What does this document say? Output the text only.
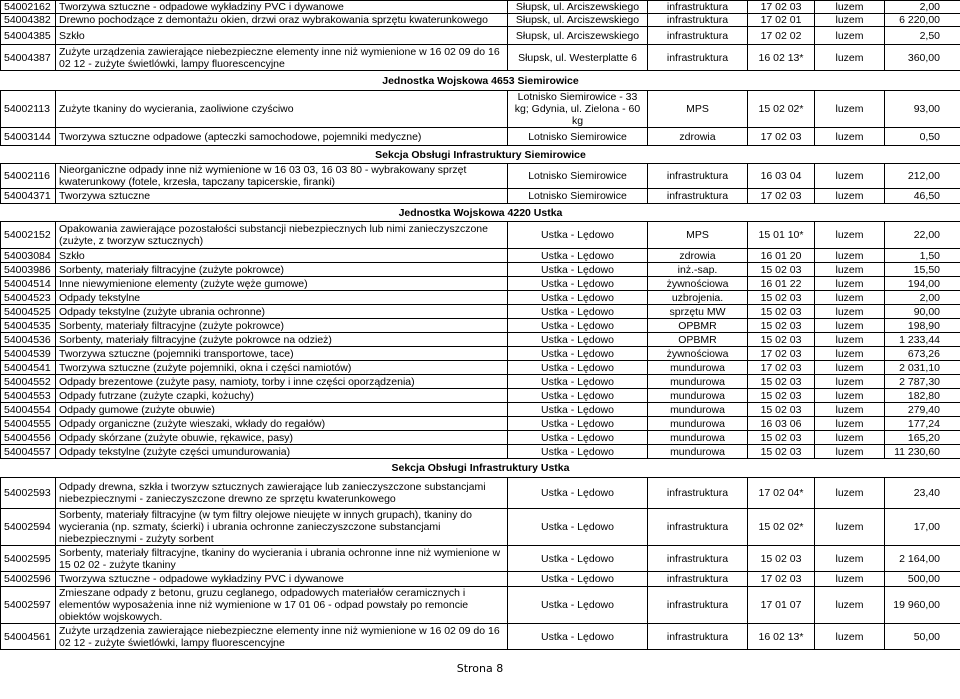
54002162	Tworzywa sztuczne - odpadowe wykładziny PVC i dywanowe	Słupsk, ul. Arciszewskiego	infrastruktura	17 02 03	luzem	2,00
54004382	Drewno pochodzące z demontażu okien, drzwi oraz wybrakowania sprzętu kwaterunkowego	Słupsk, ul. Arciszewskiego	infrastruktura	17 02 01	luzem	6 220,00
54004385	Szkło	Słupsk, ul. Arciszewskiego	infrastruktura	17 02 02	luzem	2,50
54004387	Zużyte urządzenia zawierające niebezpieczne elementy inne niż wymienione w 16 02 09 do 16 02 12 - zużyte świetlówki, lampy fluorescencyjne	Słupsk, ul. Westerplatte 6	infrastruktura	16 02 13*	luzem	360,00
Jednostka Wojskowa 4653 Siemirowice						
54002113	Zużyte tkaniny do wycierania, zaoliwione czyściwo	Lotnisko Siemirowice - 33 kg; Gdynia, ul. Zielona - 60 kg	MPS	15 02 02*	luzem	93,00
54003144	Tworzywa sztuczne odpadowe (apteczki samochodowe, pojemniki medyczne)	Lotnisko Siemirowice	zdrowia	17 02 03	luzem	0,50
Sekcja Obsługi Infrastruktury Siemirowice						
54002116	Nieorganiczne odpady inne niż wymienione w 16 03 03, 16 03 80 - wybrakowany sprzęt kwaterunkowy (fotele, krzesła, tapczany tapicerskie, firanki)	Lotnisko Siemirowice	infrastruktura	16 03 04	luzem	212,00
54004371	Tworzywa sztuczne	Lotnisko Siemirowice	infrastruktura	17 02 03	luzem	46,50
Jednostka Wojskowa 4220 Ustka						
54002152	Opakowania zawierające pozostałości substancji niebezpiecznych lub nimi zanieczyszczone (zużyte, z tworzyw sztucznych)	Ustka - Lędowo	MPS	15 01 10*	luzem	22,00
54003084	Szkło	Ustka - Lędowo	zdrowia	16 01 20	luzem	1,50
54003986	Sorbenty, materiały filtracyjne (zużyte pokrowce)	Ustka - Lędowo	inż.-sap.	15 02 03	luzem	15,50
54004514	Inne niewymienione elementy (zużyte węże gumowe)	Ustka - Lędowo	żywnościowa	16 01 22	luzem	194,00
54004523	Odpady tekstylne	Ustka - Lędowo	uzbrojenia.	15 02 03	luzem	2,00
54004525	Odpady tekstylne (zużyte ubrania ochronne)	Ustka - Lędowo	sprzętu MW	15 02 03	luzem	90,00
54004535	Sorbenty, materiały filtracyjne (zużyte pokrowce)	Ustka - Lędowo	OPBMR	15 02 03	luzem	198,90
54004536	Sorbenty, materiały filtracyjne (zużyte pokrowce na odzież)	Ustka - Lędowo	OPBMR	15 02 03	luzem	1 233,44
54004539	Tworzywa sztuczne (pojemniki transportowe, tace)	Ustka - Lędowo	żywnościowa	17 02 03	luzem	673,26
54004541	Tworzywa sztuczne (zużyte pojemniki, okna i części namiotów)	Ustka - Lędowo	mundurowa	17 02 03	luzem	2 031,10
54004552	Odpady brezentowe (zużyte pasy, namioty, torby i inne części oporządzenia)	Ustka - Lędowo	mundurowa	15 02 03	luzem	2 787,30
54004553	Odpady futrzane (zużyte czapki, kożuchy)	Ustka - Lędowo	mundurowa	15 02 03	luzem	182,80
54004554	Odpady gumowe (zużyte obuwie)	Ustka - Lędowo	mundurowa	15 02 03	luzem	279,40
54004555	Odpady organiczne (zużyte wieszaki, wkłady do regałów)	Ustka - Lędowo	mundurowa	16 03 06	luzem	177,24
54004556	Odpady skórzane (zużyte obuwie, rękawice, pasy)	Ustka - Lędowo	mundurowa	15 02 03	luzem	165,20
54004557	Odpady tekstylne (zużyte części umundurowania)	Ustka - Lędowo	mundurowa	15 02 03	luzem	11 230,60
Sekcja Obsługi Infrastruktury Ustka						
54002593	Odpady drewna, szkła i tworzyw sztucznych zawierające lub zanieczyszczone substancjami niebezpiecznymi - zanieczyszczone drewno ze sprzętu kwaterunkowego	Ustka - Lędowo	infrastruktura	17 02 04*	luzem	23,40
54002594	Sorbenty, materiały filtracyjne (w tym filtry olejowe nieujęte w innych grupach), tkaniny do wycierania (np. szmaty, ścierki) i ubrania ochronne zanieczyszczone substancjami niebezpiecznymi - zużyty sorbent	Ustka - Lędowo	infrastruktura	15 02 02*	luzem	17,00
54002595	Sorbenty, materiały filtracyjne, tkaniny do wycierania i ubrania ochronne inne niż wymienione w 15 02 02 - zużyte tkaniny	Ustka - Lędowo	infrastruktura	15 02 03	luzem	2 164,00
54002596	Tworzywa sztuczne - odpadowe wykładziny PVC i dywanowe	Ustka - Lędowo	infrastruktura	17 02 03	luzem	500,00
54002597	Zmieszane odpady z betonu, gruzu ceglanego, odpadowych materiałów ceramicznych i elementów wyposażenia inne niż wymienione w 17 01 06 - odpad powstały po remoncie obiektów wojskowych.	Ustka - Lędowo	infrastruktura	17 01 07	luzem	19 960,00
54004561	Zużyte urządzenia zawierające niebezpieczne elementy inne niż wymienione w 16 02 09 do 16 02 12 - zużyte świetlówki, lampy fluorescencyjne	Ustka - Lędowo	infrastruktura	16 02 13*	luzem	50,00
Strona 8
